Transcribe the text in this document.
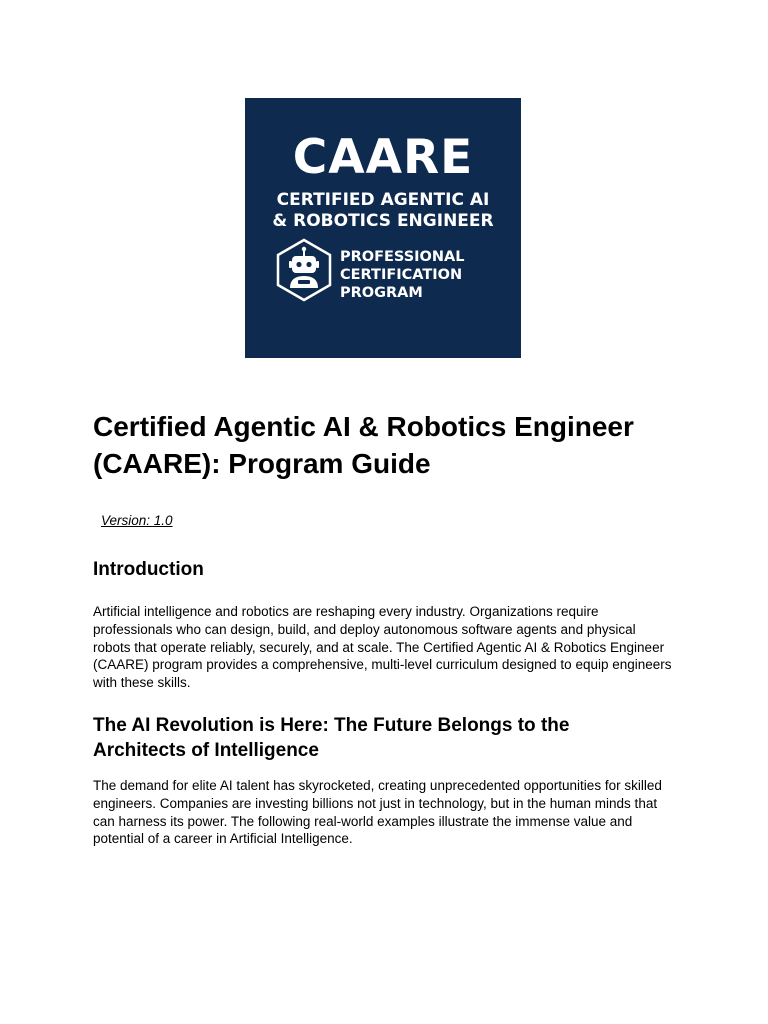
CAARE
CERTIFIED AGENTIC AI
& ROBOTICS ENGINEER
PROFESSIONAL
CERTIFICATION
PROGRAM
Certified Agentic AI & Robotics Engineer (CAARE): Program Guide
Version: 1.0
Introduction

Artificial intelligence and robotics are reshaping every industry. Organizations require professionals who can design, build, and deploy autonomous software agents and physical robots that operate reliably, securely, and at scale. The Certified Agentic AI & Robotics Engineer (CAARE) program provides a comprehensive, multi-level curriculum designed to equip engineers with these skills.

The AI Revolution is Here: The Future Belongs to the Architects of Intelligence

The demand for elite AI talent has skyrocketed, creating unprecedented opportunities for skilled engineers. Companies are investing billions not just in technology, but in the human minds that can harness its power. The following real-world examples illustrate the immense value and potential of a career in Artificial Intelligence.
